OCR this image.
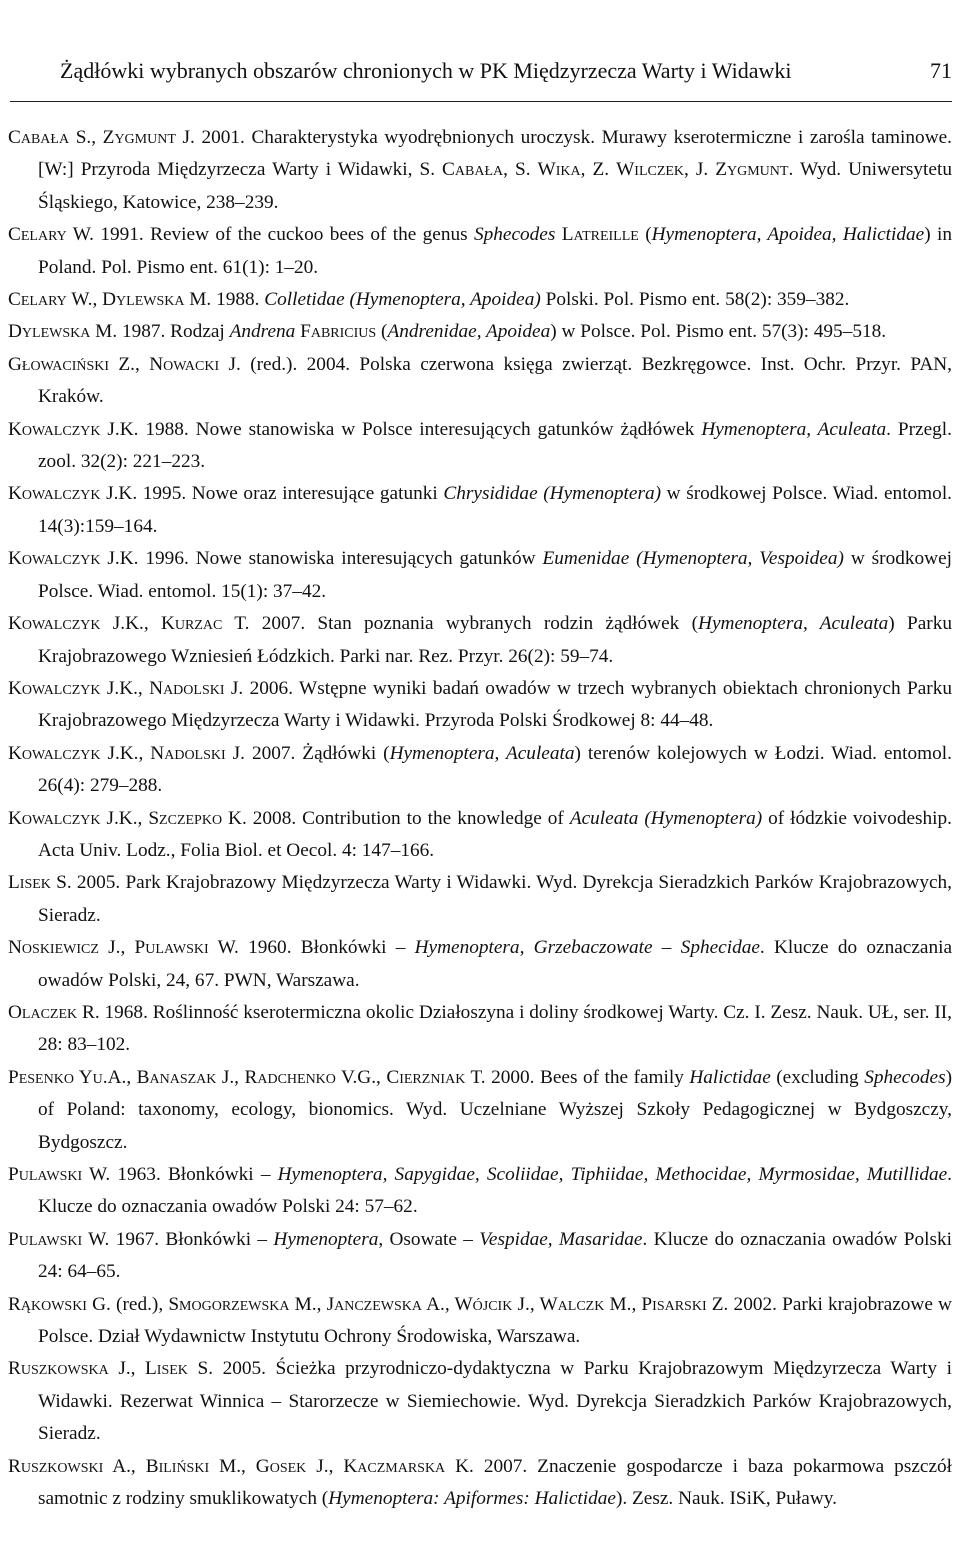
Żądłówki wybranych obszarów chronionych w PK Międzyrzecza Warty i Widawki	71

Cabała S., Zygmunt J. 2001. Charakterystyka wyodrębnionych uroczysk. Murawy kserotermiczne i zarośla taminowe. [W:] Przyroda Międzyrzecza Warty i Widawki, S. Cabała, S. Wika, Z. Wilczek, J. Zygmunt. Wyd. Uniwersytetu Śląskiego, Katowice, 238–239.

Celary W. 1991. Review of the cuckoo bees of the genus Sphecodes Latreille (Hymenoptera, Apoidea, Halictidae) in Poland. Pol. Pismo ent. 61(1): 1–20.

Celary W., Dylewska M. 1988. Colletidae (Hymenoptera, Apoidea) Polski. Pol. Pismo ent. 58(2): 359–382.

Dylewska M. 1987. Rodzaj Andrena Fabricius (Andrenidae, Apoidea) w Polsce. Pol. Pismo ent. 57(3): 495–518.

Głowaciński Z., Nowacki J. (red.). 2004. Polska czerwona księga zwierząt. Bezkręgowce. Inst. Ochr. Przyr. PAN, Kraków.

Kowalczyk J.K. 1988. Nowe stanowiska w Polsce interesujących gatunków żądłówek Hymenoptera, Aculeata. Przegl. zool. 32(2): 221–223.

Kowalczyk J.K. 1995. Nowe oraz interesujące gatunki Chrysididae (Hymenoptera) w środkowej Polsce. Wiad. entomol. 14(3):159–164.

Kowalczyk J.K. 1996. Nowe stanowiska interesujących gatunków Eumenidae (Hymenoptera, Vespoidea) w środkowej Polsce. Wiad. entomol. 15(1): 37–42.

Kowalczyk J.K., Kurzac T. 2007. Stan poznania wybranych rodzin żądłówek (Hymenoptera, Aculeata) Parku Krajobrazowego Wzniesień Łódzkich. Parki nar. Rez. Przyr. 26(2): 59–74.

Kowalczyk J.K., Nadolski J. 2006. Wstępne wyniki badań owadów w trzech wybranych obiektach chronionych Parku Krajobrazowego Międzyrzecza Warty i Widawki. Przyroda Polski Środkowej 8: 44–48.

Kowalczyk J.K., Nadolski J. 2007. Żądłówki (Hymenoptera, Aculeata) terenów kolejowych w Łodzi. Wiad. entomol. 26(4): 279–288.

Kowalczyk J.K., Szczepko K. 2008. Contribution to the knowledge of Aculeata (Hymenoptera) of łódzkie voivodeship. Acta Univ. Lodz., Folia Biol. et Oecol. 4: 147–166.

Lisek S. 2005. Park Krajobrazowy Międzyrzecza Warty i Widawki. Wyd. Dyrekcja Sieradzkich Parków Krajobrazowych, Sieradz.

Noskiewicz J., Pulawski W. 1960. Błonkówki – Hymenoptera, Grzebaczowate – Sphecidae. Klucze do oznaczania owadów Polski, 24, 67. PWN, Warszawa.

Olaczek R. 1968. Roślinność kserotermiczna okolic Działoszyna i doliny środkowej Warty. Cz. I. Zesz. Nauk. UŁ, ser. II, 28: 83–102.

Pesenko Yu.A., Banaszak J., Radchenko V.G., Cierzniak T. 2000. Bees of the family Halictidae (excluding Sphecodes) of Poland: taxonomy, ecology, bionomics. Wyd. Uczelniane Wyższej Szkoły Pedagogicznej w Bydgoszczy, Bydgoszcz.

Pulawski W. 1963. Błonkówki – Hymenoptera, Sapygidae, Scoliidae, Tiphiidae, Methocidae, Myrmosidae, Mutillidae. Klucze do oznaczania owadów Polski 24: 57–62.

Pulawski W. 1967. Błonkówki – Hymenoptera, Osowate – Vespidae, Masaridae. Klucze do oznaczania owadów Polski 24: 64–65.

Rąkowski G. (red.), Smogorzewska M., Janczewska A., Wójcik J., Walczk M., Pisarski Z. 2002. Parki krajobrazowe w Polsce. Dział Wydawnictw Instytutu Ochrony Środowiska, Warszawa.

Ruszkowska J., Lisek S. 2005. Ścieżka przyrodniczo-dydaktyczna w Parku Krajobrazowym Międzyrzecza Warty i Widawki. Rezerwat Winnica – Starorzecze w Siemiechowie. Wyd. Dyrekcja Sieradzkich Parków Krajobrazowych, Sieradz.

Ruszkowski A., Biliński M., Gosek J., Kaczmarska K. 2007. Znaczenie gospodarcze i baza pokarmowa pszczół samotnic z rodziny smuklikowatych (Hymenoptera: Apiformes: Halictidae). Zesz. Nauk. ISiK, Puławy.
